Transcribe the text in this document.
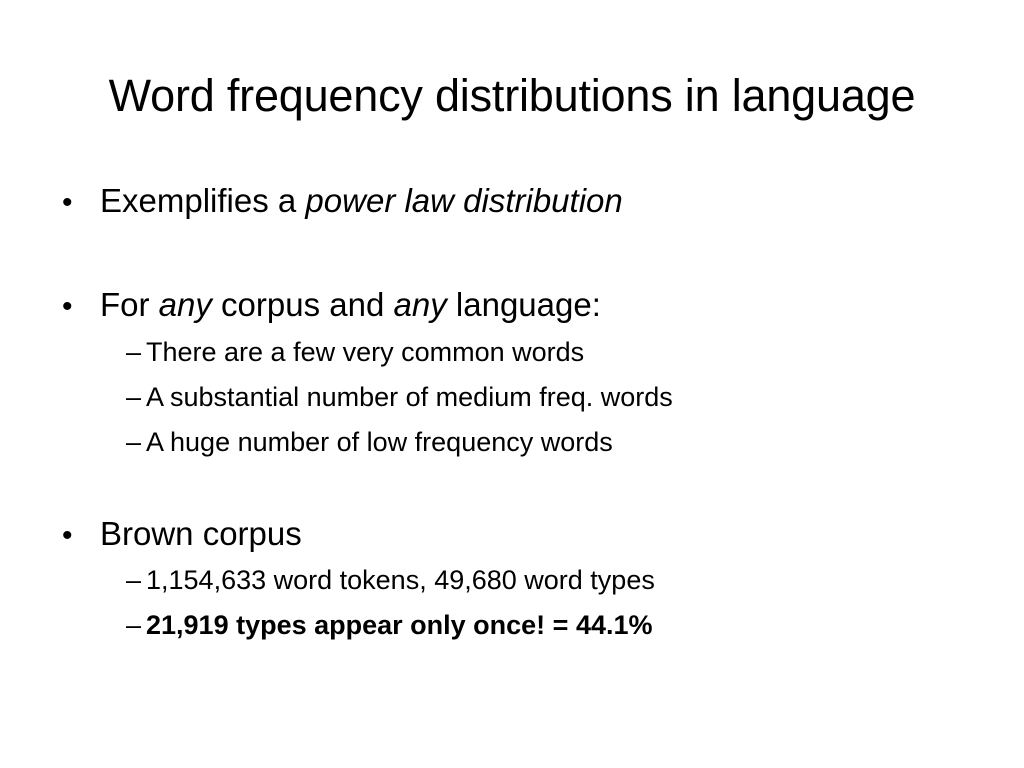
Word frequency distributions in language
• Exemplifies a power law distribution
• For any corpus and any language:
– There are a few very common words
– A substantial number of medium freq. words
– A huge number of low frequency words
• Brown corpus
– 1,154,633 word tokens, 49,680 word types
– 21,919 types appear only once! = 44.1%
